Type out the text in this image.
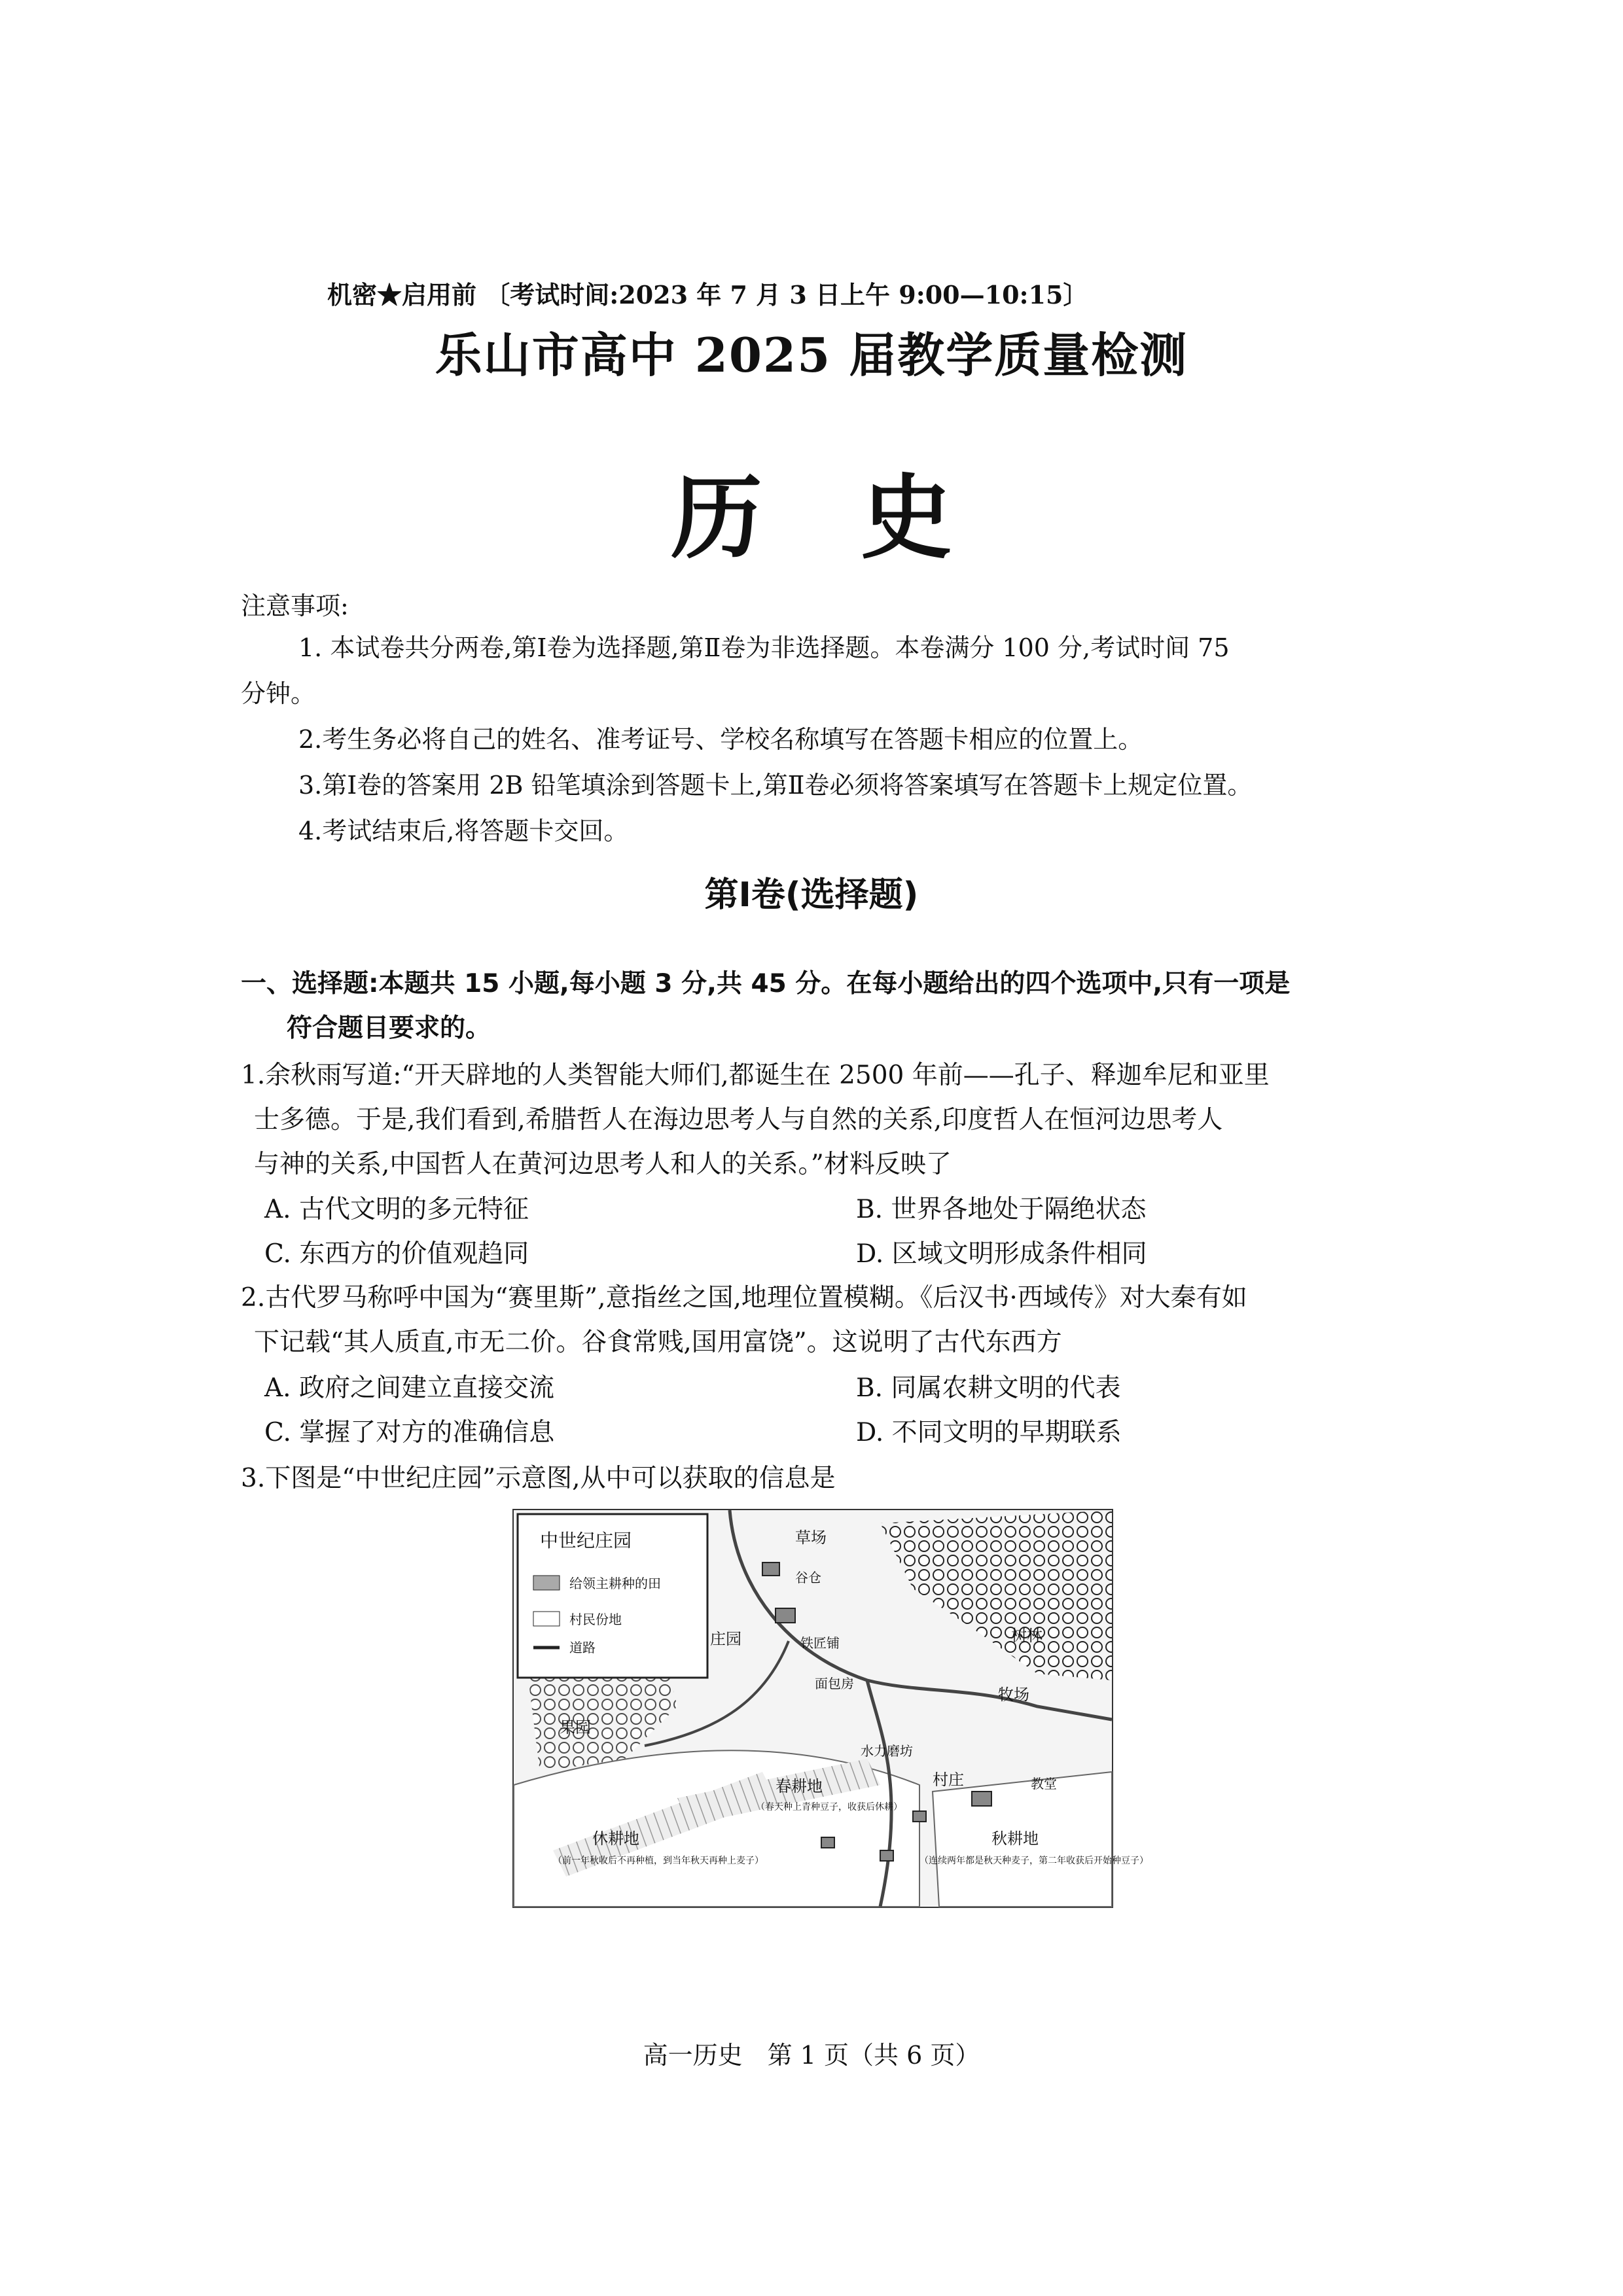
机密★启用前 〔考试时间:2023 年 7 月 3 日上午 9:00—10:15〕
乐山市高中 2025 届教学质量检测
历史
注意事项:

1. 本试卷共分两卷,第Ⅰ卷为选择题,第Ⅱ卷为非选择题。本卷满分 100 分,考试时间 75

分钟。

2.考生务必将自己的姓名、准考证号、学校名称填写在答题卡相应的位置上。

3.第Ⅰ卷的答案用 2B 铅笔填涂到答题卡上,第Ⅱ卷必须将答案填写在答题卡上规定位置。

4.考试结束后,将答题卡交回。

第Ⅰ卷(选择题)
一、选择题:本题共 15 小题,每小题 3 分,共 45 分。在每小题给出的四个选项中,只有一项是
符合题目要求的。
1.余秋雨写道:“开天辟地的人类智能大师们,都诞生在 2500 年前——孔子、释迦牟尼和亚里
士多德。于是,我们看到,希腊哲人在海边思考人与自然的关系,印度哲人在恒河边思考人
与神的关系,中国哲人在黄河边思考人和人的关系。”材料反映了
A. 古代文明的多元特征	B. 世界各地处于隔绝状态
C. 东西方的价值观趋同	D. 区域文明形成条件相同
2.古代罗马称呼中国为“赛里斯”,意指丝之国,地理位置模糊。《后汉书·西域传》对大秦有如
下记载“其人质直,市无二价。谷食常贱,国用富饶”。这说明了古代东西方
A. 政府之间建立直接交流	B. 同属农耕文明的代表
C. 掌握了对方的准确信息	D. 不同文明的早期联系
3.下图是“中世纪庄园”示意图,从中可以获取的信息是
中世纪庄园
给领主耕种的田
村民份地
道路
草场
谷仓
庄园	铁匠铺
面包房
果园
树林
牧场
水力磨坊
春耕地
（春天种上青种豆子，收获后休耕）
村庄	教堂
休耕地
（前一年秋收后不再种植，到当年秋天再种上麦子）
秋耕地
（连续两年都是秋天种麦子，第二年收获后开始种豆子）
高一历史　第 1 页（共 6 页）
